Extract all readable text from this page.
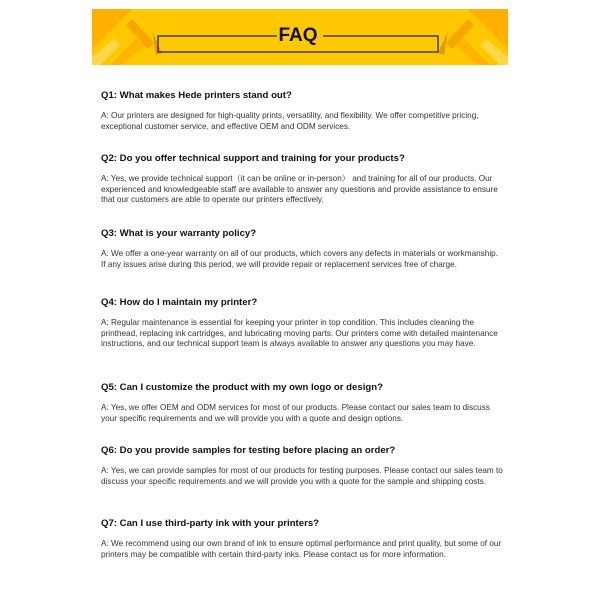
FAQ
Q1: What makes Hede printers stand out?
A: Our printers are designed for high-quality prints, versatility, and flexibility. We offer competitive pricing, exceptional customer service, and effective OEM and ODM services.
Q2: Do you offer technical support and training for your products?
A: Yes, we provide technical support（it can be online or in-person） and training for all of our products. Our experienced and knowledgeable staff are available to answer any questions and provide assistance to ensure that our customers are able to operate our printers effectively.
Q3: What is your warranty policy?
A: We offer a one-year warranty on all of our products, which covers any defects in materials or workmanship. If any issues arise during this period, we will provide repair or replacement services free of charge.
Q4: How do I maintain my printer?
A: Regular maintenance is essential for keeping your printer in top condition. This includes cleaning the printhead, replacing ink cartridges, and lubricating moving parts. Our printers come with detailed maintenance instructions, and our technical support team is always available to answer any questions you may have.
Q5: Can I customize the product with my own logo or design?
A: Yes, we offer OEM and ODM services for most of our products. Please contact our sales team to discuss your specific requirements and we will provide you with a quote and design options.
Q6: Do you provide samples for testing before placing an order?
A: Yes, we can provide samples for most of our products for testing purposes. Please contact our sales team to discuss your specific requirements and we will provide you with a quote for the sample and shipping costs.
Q7: Can I use third-party ink with your printers?
A: We recommend using our own brand of ink to ensure optimal performance and print quality, but some of our printers may be compatible with certain third-party inks. Please contact us for more information.
